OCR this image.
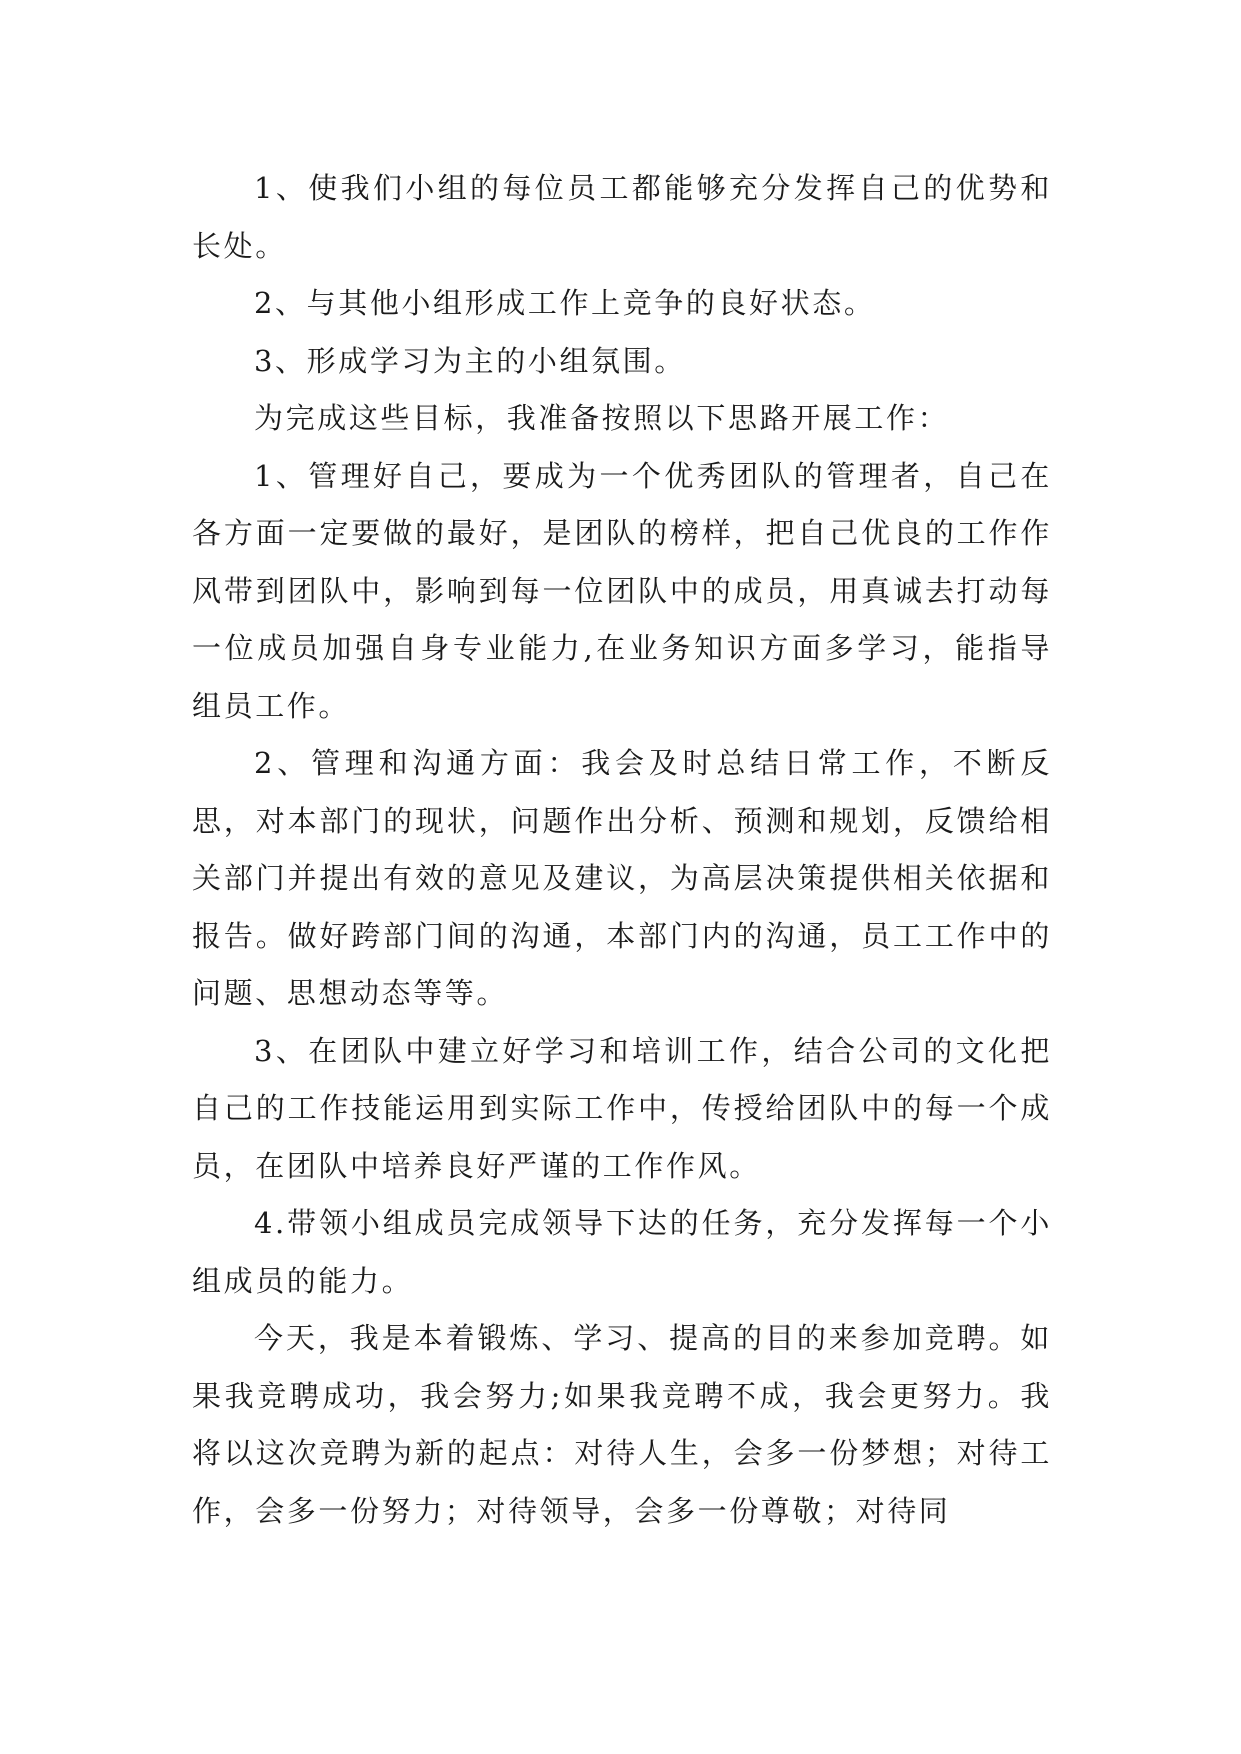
1、使我们小组的每位员工都能够充分发挥自己的优势和长处。

2、与其他小组形成工作上竞争的良好状态。

3、形成学习为主的小组氛围。

为完成这些目标，我准备按照以下思路开展工作：

1、管理好自己，要成为一个优秀团队的管理者，自己在各方面一定要做的最好，是团队的榜样，把自己优良的工作作风带到团队中，影响到每一位团队中的成员，用真诚去打动每一位成员加强自身专业能力,在业务知识方面多学习，能指导组员工作。

2、管理和沟通方面：我会及时总结日常工作，不断反思，对本部门的现状，问题作出分析、预测和规划，反馈给相关部门并提出有效的意见及建议，为高层决策提供相关依据和报告。做好跨部门间的沟通，本部门内的沟通，员工工作中的问题、思想动态等等。

3、在团队中建立好学习和培训工作，结合公司的文化把自己的工作技能运用到实际工作中，传授给团队中的每一个成员，在团队中培养良好严谨的工作作风。

4.带领小组成员完成领导下达的任务，充分发挥每一个小组成员的能力。

今天，我是本着锻炼、学习、提高的目的来参加竞聘。如果我竞聘成功，我会努力;如果我竞聘不成，我会更努力。我将以这次竞聘为新的起点：对待人生，会多一份梦想；对待工作，会多一份努力；对待领导，会多一份尊敬；对待同
